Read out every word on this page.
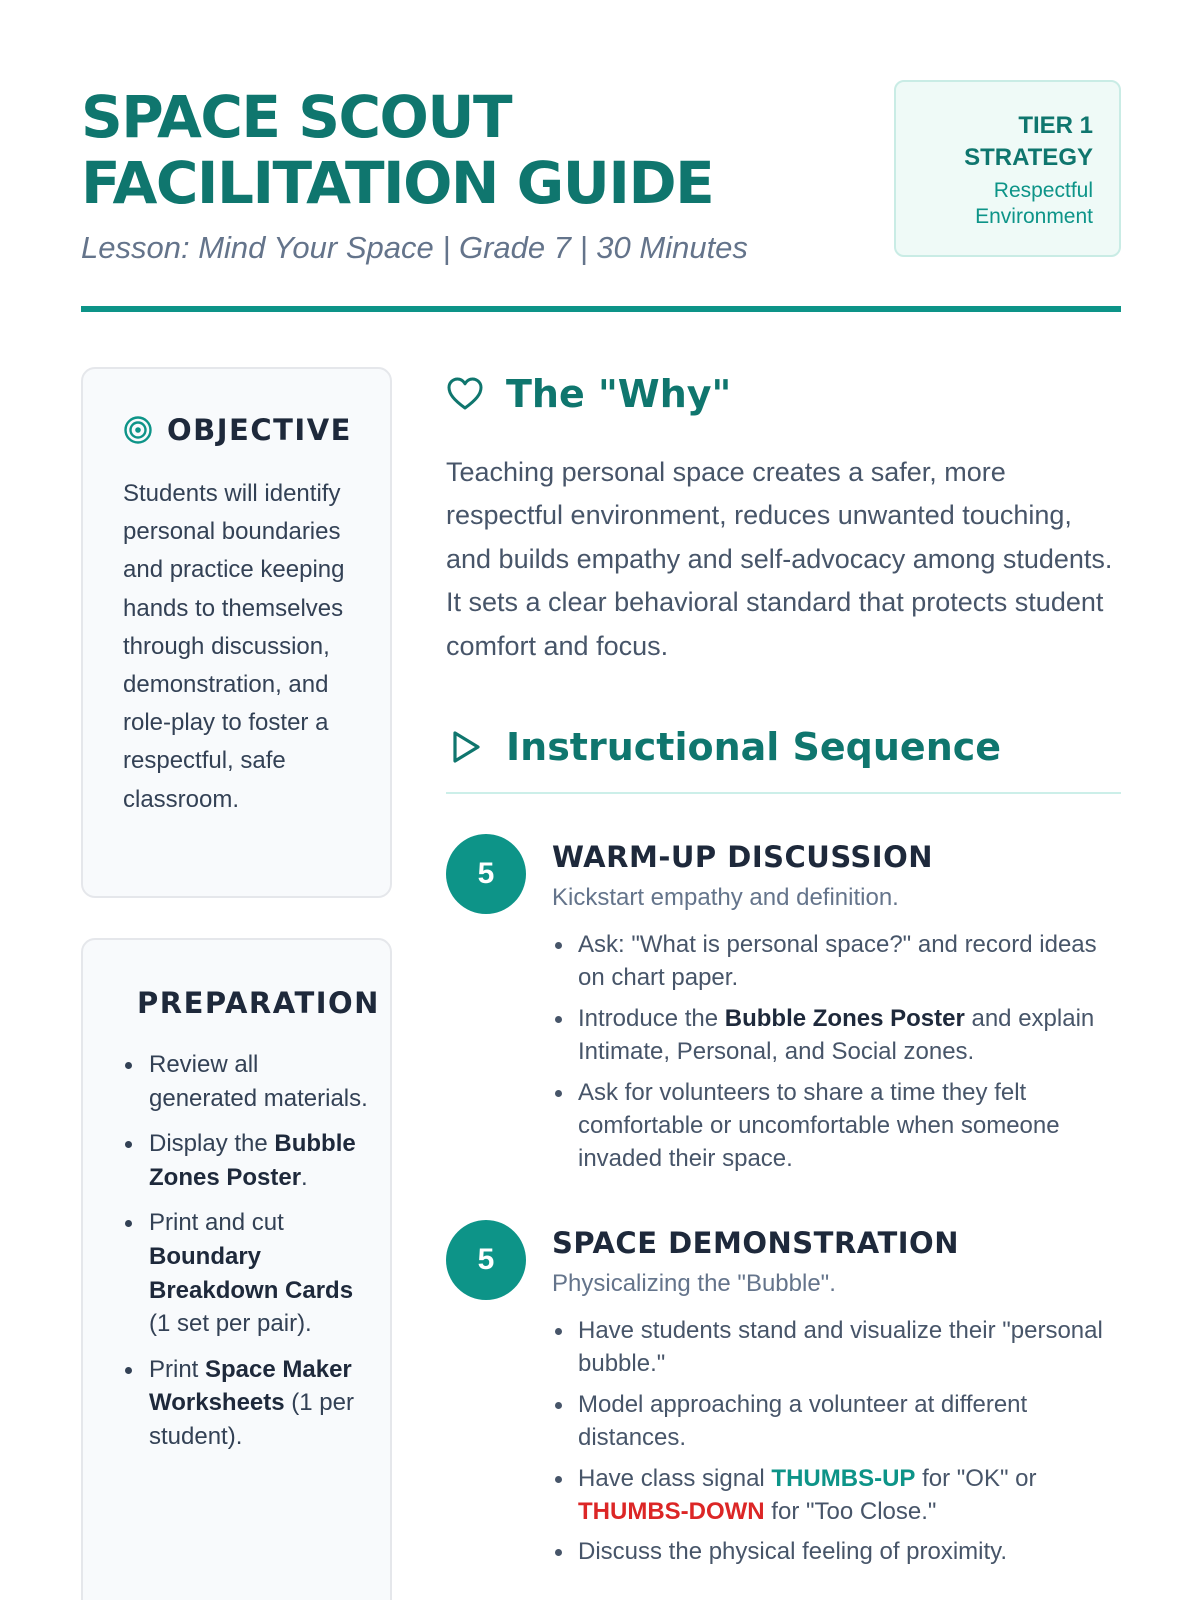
SPACE SCOUT
FACILITATION GUIDE
Lesson: Mind Your Space | Grade 7 | 30 Minutes
TIER 1
STRATEGY
Respectful
Environment
OBJECTIVE
Students will identify personal boundaries and practice keeping hands to themselves through discussion, demonstration, and role-play to foster a respectful, safe classroom.
PREPARATION
Review all generated materials.
Display the Bubble Zones Poster.
Print and cut Boundary Breakdown Cards (1 set per pair).
Print Space Maker Worksheets (1 per student).
The "Why"
Teaching personal space creates a safer, more respectful environment, reduces unwanted touching, and builds empathy and self-advocacy among students. It sets a clear behavioral standard that protects student comfort and focus.
Instructional Sequence
5	WARM-UP DISCUSSION
Kickstart empathy and definition.
Ask: "What is personal space?" and record ideas on chart paper.
Introduce the Bubble Zones Poster and explain Intimate, Personal, and Social zones.
Ask for volunteers to share a time they felt comfortable or uncomfortable when someone invaded their space.
5	SPACE DEMONSTRATION
Physicalizing the "Bubble".
Have students stand and visualize their "personal bubble."
Model approaching a volunteer at different distances.
Have class signal THUMBS-UP for "OK" or THUMBS-DOWN for "Too Close."
Discuss the physical feeling of proximity.
